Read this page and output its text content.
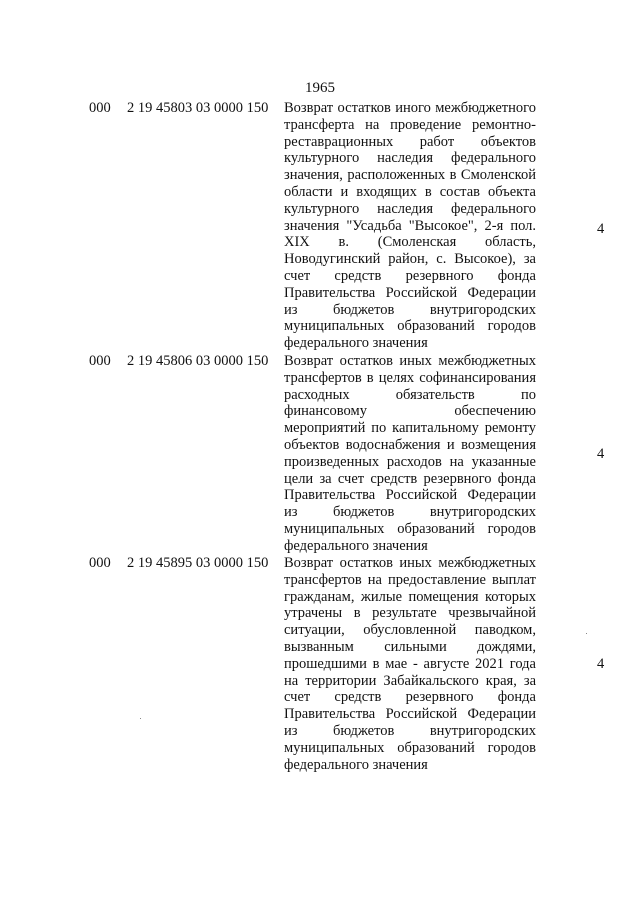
1965
000 2 19 45803 03 0000 150 Возврат остатков иного межбюджетного трансферта на проведение ремонтно-реставрационных работ объектов культурного наследия федерального значения, расположенных в Смоленской области и входящих в состав объекта культурного наследия федерального значения "Усадьба "Высокое", 2-я пол. XIX в. (Смоленская область, Новодугинский район, с. Высокое), за счет средств резервного фонда Правительства Российской Федерации из бюджетов внутригородских муниципальных образований городов федерального значения
4
000 2 19 45806 03 0000 150 Возврат остатков иных межбюджетных трансфертов в целях софинансирования расходных обязательств по финансовому обеспечению мероприятий по капитальному ремонту объектов водоснабжения и возмещения произведенных расходов на указанные цели за счет средств резервного фонда Правительства Российской Федерации из бюджетов внутригородских муниципальных образований городов федерального значения
4
000 2 19 45895 03 0000 150 Возврат остатков иных межбюджетных трансфертов на предоставление выплат гражданам, жилые помещения которых утрачены в результате чрезвычайной ситуации, обусловленной паводком, вызванным сильными дождями, прошедшими в мае - августе 2021 года на территории Забайкальского края, за счет средств резервного фонда Правительства Российской Федерации из бюджетов внутригородских муниципальных образований городов федерального значения
4
